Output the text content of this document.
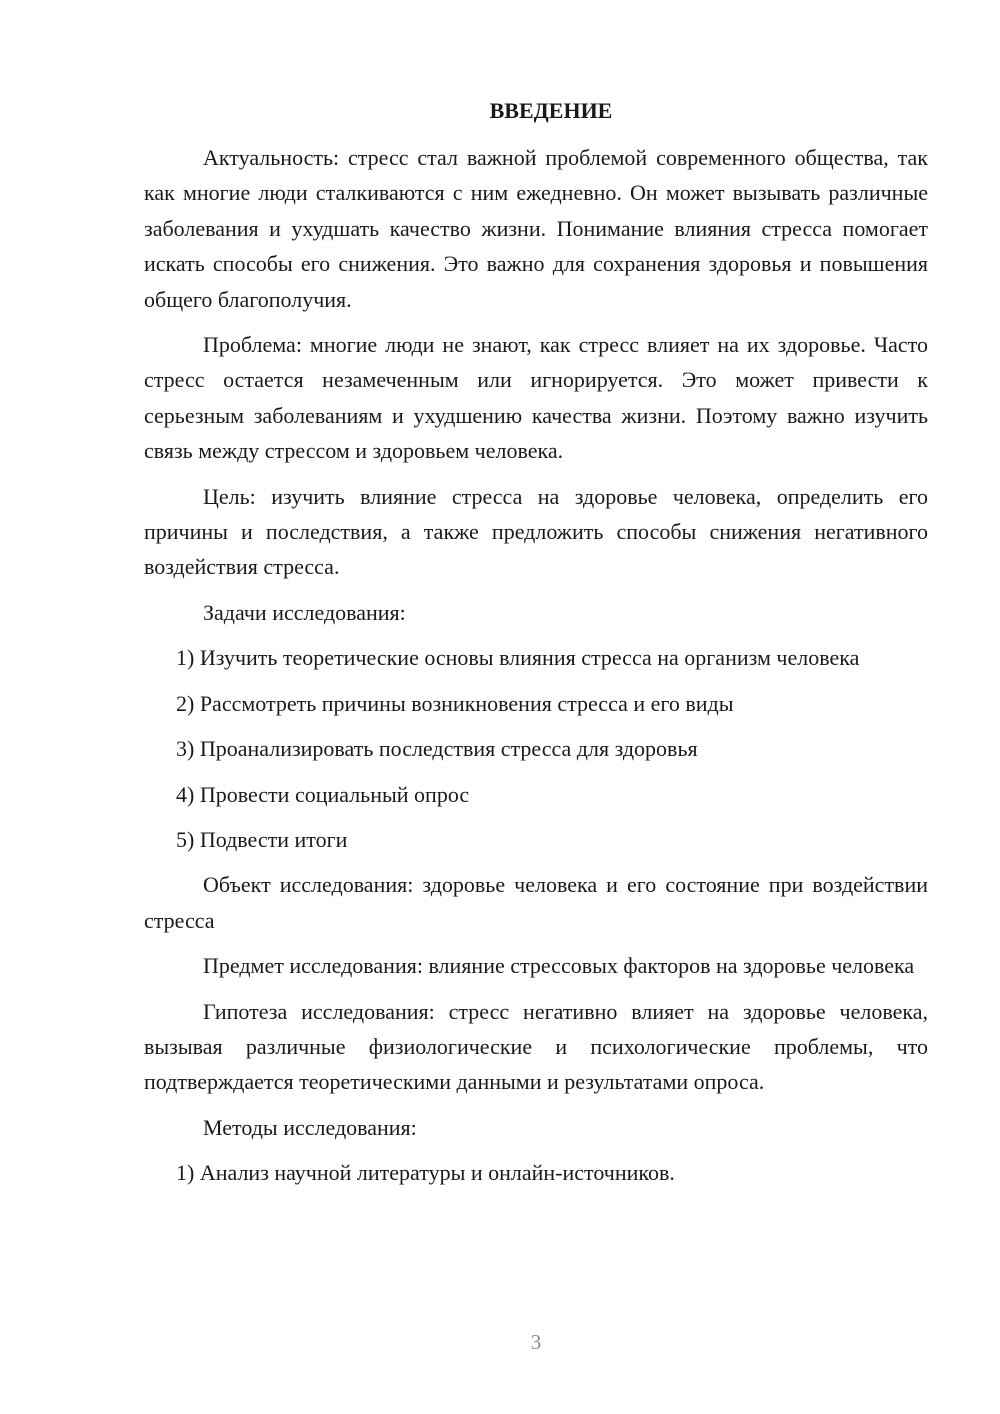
ВВЕДЕНИЕ

Актуальность: стресс стал важной проблемой современного общества, так как многие люди сталкиваются с ним ежедневно. Он может вызывать различные заболевания и ухудшать качество жизни. Понимание влияния стресса помогает искать способы его снижения. Это важно для сохранения здоровья и повышения общего благополучия.

Проблема: многие люди не знают, как стресс влияет на их здоровье. Часто стресс остается незамеченным или игнорируется. Это может привести к серьезным заболеваниям и ухудшению качества жизни. Поэтому важно изучить связь между стрессом и здоровьем человека.

Цель: изучить влияние стресса на здоровье человека, определить его причины и последствия, а также предложить способы снижения негативного воздействия стресса.

Задачи исследования:

1) Изучить теоретические основы влияния стресса на организм человека

2) Рассмотреть причины возникновения стресса и его виды

3) Проанализировать последствия стресса для здоровья

4) Провести социальный опрос

5) Подвести итоги

Объект исследования: здоровье человека и его состояние при воздействии стресса

Предмет исследования: влияние стрессовых факторов на здоровье человека

Гипотеза исследования: стресс негативно влияет на здоровье человека, вызывая различные физиологические и психологические проблемы, что подтверждается теоретическими данными и результатами опроса.

Методы исследования:

1) Анализ научной литературы и онлайн-источников.

3
